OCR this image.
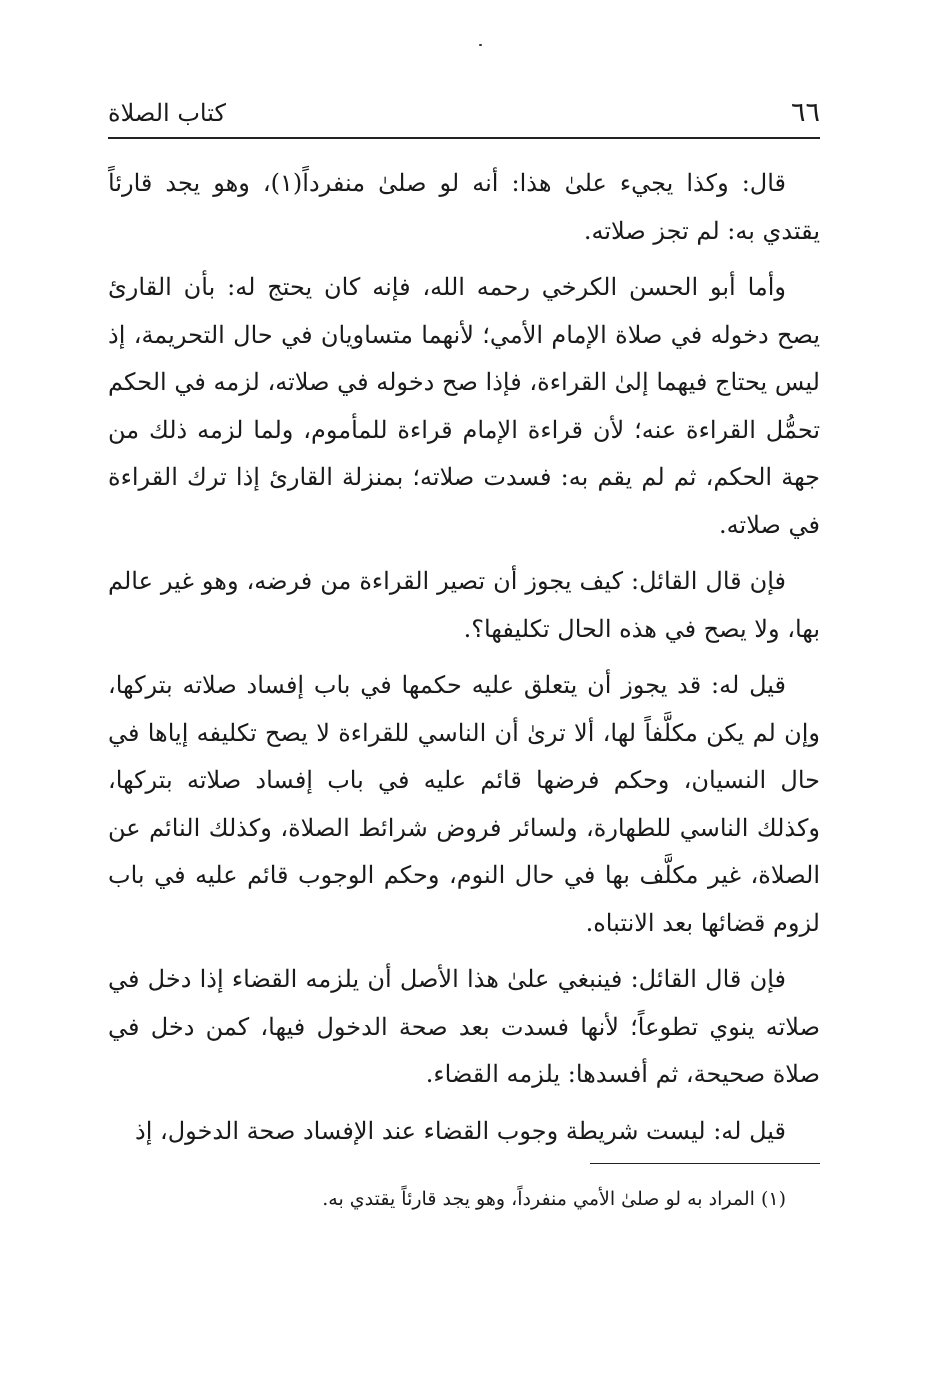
٦٦
كتاب الصلاة

قال: وكذا يجيء علىٰ هذا: أنه لو صلىٰ منفرداً(١)، وهو يجد قارئاً يقتدي به: لم تجز صلاته.

وأما أبو الحسن الكرخي رحمه الله، فإنه كان يحتج له: بأن القارئ يصح دخوله في صلاة الإمام الأمي؛ لأنهما متساويان في حال التحريمة، إذ ليس يحتاج فيهما إلىٰ القراءة، فإذا صح دخوله في صلاته، لزمه في الحكم تحمُّل القراءة عنه؛ لأن قراءة الإمام قراءة للمأموم، ولما لزمه ذلك من جهة الحكم، ثم لم يقم به: فسدت صلاته؛ بمنزلة القارئ إذا ترك القراءة في صلاته.

فإن قال القائل: كيف يجوز أن تصير القراءة من فرضه، وهو غير عالم بها، ولا يصح في هذه الحال تكليفها؟.

قيل له: قد يجوز أن يتعلق عليه حكمها في باب إفساد صلاته بتركها، وإن لم يكن مكلَّفاً لها، ألا ترىٰ أن الناسي للقراءة لا يصح تكليفه إياها في حال النسيان، وحكم فرضها قائم عليه في باب إفساد صلاته بتركها، وكذلك الناسي للطهارة، ولسائر فروض شرائط الصلاة، وكذلك النائم عن الصلاة، غير مكلَّف بها في حال النوم، وحكم الوجوب قائم عليه في باب لزوم قضائها بعد الانتباه.

فإن قال القائل: فينبغي علىٰ هذا الأصل أن يلزمه القضاء إذا دخل في صلاته ينوي تطوعاً؛ لأنها فسدت بعد صحة الدخول فيها، كمن دخل في صلاة صحيحة، ثم أفسدها: يلزمه القضاء.

قيل له: ليست شريطة وجوب القضاء عند الإفساد صحة الدخول، إذ

(١) المراد به لو صلىٰ الأمي منفرداً، وهو يجد قارئاً يقتدي به.
